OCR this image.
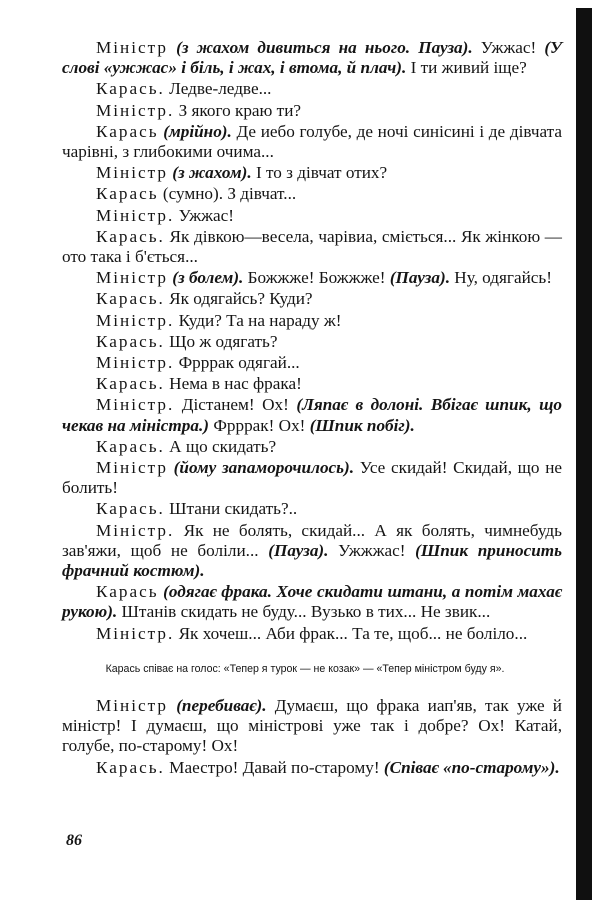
Міністр (з жахом дивиться на нього. Пауза). Ужжас! (У слові «ужжас» і біль, і жах, і втома, й плач). І ти живий іще?

Карась. Ледве-ледве...

Міністр. З якого краю ти?

Карась (мрійно). Де иебо голубе, де ночі синісині і де дівчата чарівні, з глибокими очима...

Міністр (з жахом). І то з дівчат отих?

Карась (сумно). З дівчат...

Міністр. Ужжас!

Карась. Як дівкою—весела, чарівиа, сміється... Як жінкою — ото така і б'ється...

Міністр (з болем). Божжже! Божжже! (Пауза). Ну, одягайсь!

Карась. Як одягайсь? Куди?

Міністр. Куди? Та на нараду ж!

Карась. Що ж одягать?

Міністр. Фрррак одягай...

Карась. Нема в нас фрака!

Міністр. Дістанем! Ох! (Ляпає в долоні. Вбігає шпик, що чекав на міністра.) Фрррак! Ох! (Шпик побіг).

Карась. А що скидать?

Міністр (йому запаморочилось). Усе скидай! Скидай, що не болить!

Карась. Штани скидать?..

Міністр. Як не болять, скидай... А як болять, чимнебудь зав'яжи, щоб не боліли... (Пауза). Ужжжас! (Шпик приносить фрачний костюм).

Карась (одягає фрака. Хоче скидати штани, а потім махає рукою). Штанів скидать не буду... Вузько в тих... Не звик...

Міністр. Як хочеш... Аби фрак... Та те, щоб... не боліло...

Карась співає на голос: «Тепер я турок — не козак» — «Тепер міністром буду я».

Міністр (перебиває). Думаєш, що фрака иап'яв, так уже й міністр! І думаєш, що міністрові уже так і добре? Ох! Катай, голубе, по-старому! Ох!

Карась. Маестро! Давай по-старому! (Співає «по-старому»).

86
